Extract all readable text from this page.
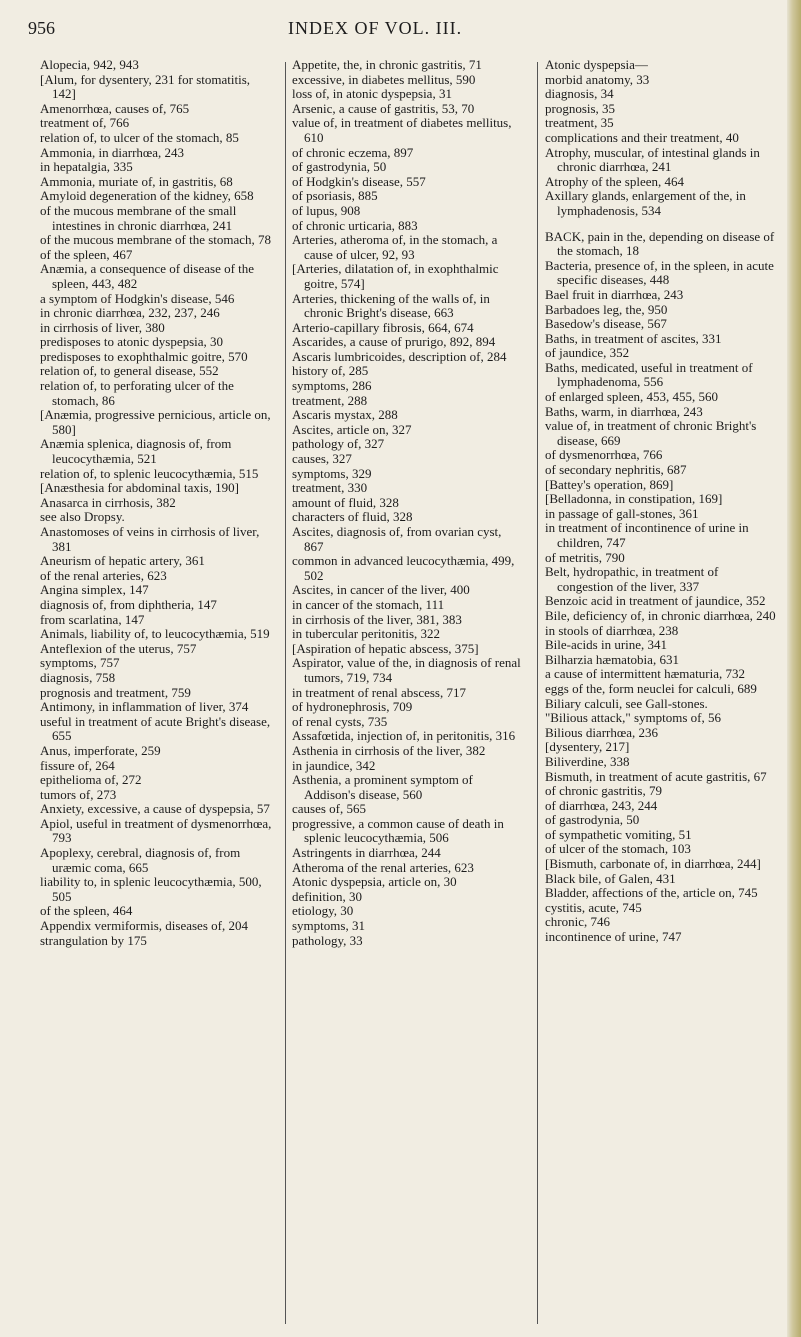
956	INDEX OF VOL. III.

Alopecia, 942, 943

[Alum, for dysentery, 231 for stomatitis, 142]

Amenorrhœa, causes of, 765

treatment of, 766

relation of, to ulcer of the stomach, 85

Ammonia, in diarrhœa, 243

in hepatalgia, 335

Ammonia, muriate of, in gastritis, 68

Amyloid degeneration of the kidney, 658

of the mucous membrane of the small intestines in chronic diarrhœa, 241

of the mucous membrane of the stomach, 78

of the spleen, 467

Anæmia, a consequence of disease of the spleen, 443, 482

a symptom of Hodgkin's disease, 546

in chronic diarrhœa, 232, 237, 246

in cirrhosis of liver, 380

predisposes to atonic dyspepsia, 30

predisposes to exophthalmic goitre, 570

relation of, to general disease, 552

relation of, to perforating ulcer of the stomach, 86

[Anæmia, progressive pernicious, article on, 580]

Anæmia splenica, diagnosis of, from leucocythæmia, 521

relation of, to splenic leucocythæmia, 515

[Anæsthesia for abdominal taxis, 190]

Anasarca in cirrhosis, 382

see also Dropsy.

Anastomoses of veins in cirrhosis of liver, 381

Aneurism of hepatic artery, 361

of the renal arteries, 623

Angina simplex, 147

diagnosis of, from diphtheria, 147

from scarlatina, 147

Animals, liability of, to leucocythæmia, 519

Anteflexion of the uterus, 757

symptoms, 757

diagnosis, 758

prognosis and treatment, 759

Antimony, in inflammation of liver, 374

useful in treatment of acute Bright's disease, 655

Anus, imperforate, 259

fissure of, 264

epithelioma of, 272

tumors of, 273

Anxiety, excessive, a cause of dyspepsia, 57

Apiol, useful in treatment of dysmenorrhœa, 793

Apoplexy, cerebral, diagnosis of, from uræmic coma, 665

liability to, in splenic leucocythæmia, 500, 505

of the spleen, 464

Appendix vermiformis, diseases of, 204

strangulation by 175

Appetite, the, in chronic gastritis, 71

excessive, in diabetes mellitus, 590

loss of, in atonic dyspepsia, 31

Arsenic, a cause of gastritis, 53, 70

value of, in treatment of diabetes mellitus, 610

of chronic eczema, 897

of gastrodynia, 50

of Hodgkin's disease, 557

of psoriasis, 885

of lupus, 908

of chronic urticaria, 883

Arteries, atheroma of, in the stomach, a cause of ulcer, 92, 93

[Arteries, dilatation of, in exophthalmic goitre, 574]

Arteries, thickening of the walls of, in chronic Bright's disease, 663

Arterio-capillary fibrosis, 664, 674

Ascarides, a cause of prurigo, 892, 894

Ascaris lumbricoides, description of, 284

history of, 285

symptoms, 286

treatment, 288

Ascaris mystax, 288

Ascites, article on, 327

pathology of, 327

causes, 327

symptoms, 329

treatment, 330

amount of fluid, 328

characters of fluid, 328

Ascites, diagnosis of, from ovarian cyst, 867

common in advanced leucocythæmia, 499, 502

Ascites, in cancer of the liver, 400

in cancer of the stomach, 111

in cirrhosis of the liver, 381, 383

in tubercular peritonitis, 322

[Aspiration of hepatic abscess, 375]

Aspirator, value of the, in diagnosis of renal tumors, 719, 734

in treatment of renal abscess, 717

of hydronephrosis, 709

of renal cysts, 735

Assafœtida, injection of, in peritonitis, 316

Asthenia in cirrhosis of the liver, 382

in jaundice, 342

Asthenia, a prominent symptom of Addison's disease, 560

causes of, 565

progressive, a common cause of death in splenic leucocythæmia, 506

Astringents in diarrhœa, 244

Atheroma of the renal arteries, 623

Atonic dyspepsia, article on, 30

definition, 30

etiology, 30

symptoms, 31

pathology, 33

Atonic dyspepsia—

morbid anatomy, 33

diagnosis, 34

prognosis, 35

treatment, 35

complications and their treatment, 40

Atrophy, muscular, of intestinal glands in chronic diarrhœa, 241

Atrophy of the spleen, 464

Axillary glands, enlargement of the, in lymphadenosis, 534

BACK, pain in the, depending on disease of the stomach, 18

Bacteria, presence of, in the spleen, in acute specific diseases, 448

Bael fruit in diarrhœa, 243

Barbadoes leg, the, 950

Basedow's disease, 567

Baths, in treatment of ascites, 331

of jaundice, 352

Baths, medicated, useful in treatment of lymphadenoma, 556

of enlarged spleen, 453, 455, 560

Baths, warm, in diarrhœa, 243

value of, in treatment of chronic Bright's disease, 669

of dysmenorrhœa, 766

of secondary nephritis, 687

[Battey's operation, 869]

[Belladonna, in constipation, 169]

in passage of gall-stones, 361

in treatment of incontinence of urine in children, 747

of metritis, 790

Belt, hydropathic, in treatment of congestion of the liver, 337

Benzoic acid in treatment of jaundice, 352

Bile, deficiency of, in chronic diarrhœa, 240

in stools of diarrhœa, 238

Bile-acids in urine, 341

Bilharzia hæmatobia, 631

a cause of intermittent hæmaturia, 732

eggs of the, form neuclei for calculi, 689

Biliary calculi, see Gall-stones.

"Bilious attack," symptoms of, 56

Bilious diarrhœa, 236

[dysentery, 217]

Biliverdine, 338

Bismuth, in treatment of acute gastritis, 67

of chronic gastritis, 79

of diarrhœa, 243, 244

of gastrodynia, 50

of sympathetic vomiting, 51

of ulcer of the stomach, 103

[Bismuth, carbonate of, in diarrhœa, 244]

Black bile, of Galen, 431

Bladder, affections of the, article on, 745

cystitis, acute, 745

chronic, 746

incontinence of urine, 747
